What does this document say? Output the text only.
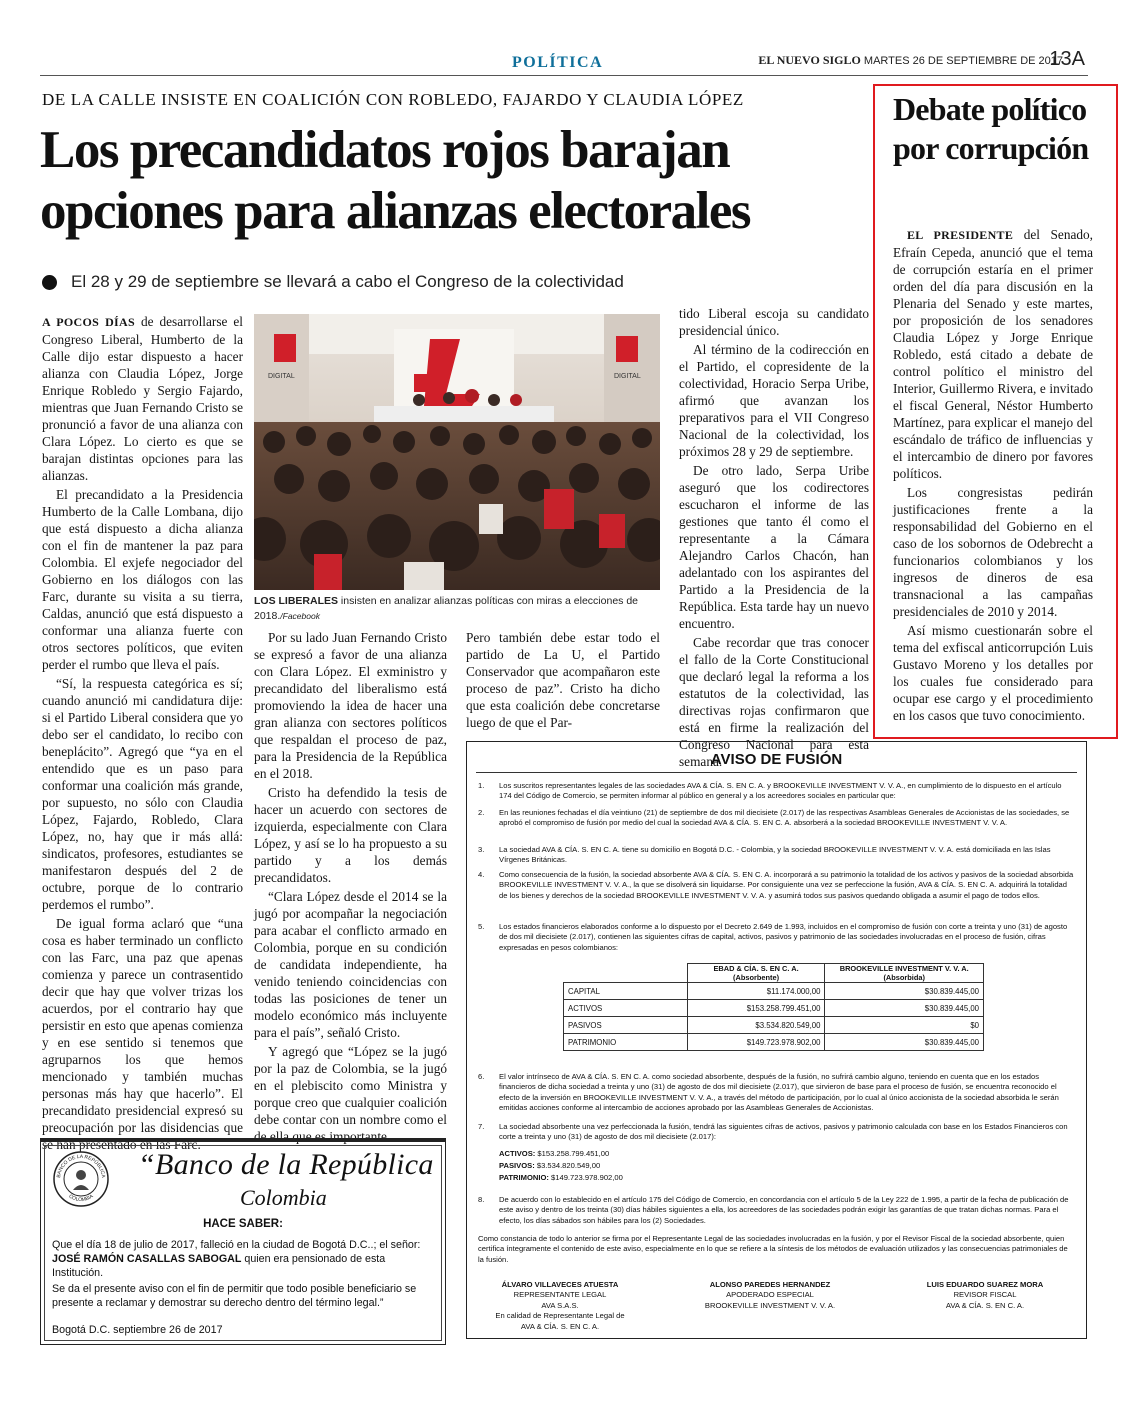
POLÍTICA	EL NUEVO SIGLO MARTES 26 DE SEPTIEMBRE DE 2017
13A
DE LA CALLE INSISTE EN COALICIÓN CON ROBLEDO, FAJARDO Y CLAUDIA LÓPEZ
Los precandidatos rojos barajan
opciones para alianzas electorales
El 28 y 29 de septiembre se llevará a cabo el Congreso de la colectividad

A POCOS DÍAS de desarrollarse el Congreso Liberal, Humberto de la Calle dijo estar dispuesto a hacer alianza con Claudia López, Jorge Enrique Robledo y Sergio Fajardo, mientras que Juan Fernando Cristo se pronunció a favor de una alianza con Clara López. Lo cierto es que se barajan distintas opciones para las alianzas.

El precandidato a la Presidencia Humberto de la Calle Lombana, dijo que está dispuesto a dicha alianza con el fin de mantener la paz para Colombia. El exjefe negociador del Gobierno en los diálogos con las Farc, durante su visita a su tierra, Caldas, anunció que está dispuesto a conformar una alianza fuerte con otros sectores políticos, que eviten perder el rumbo que lleva el país.

“Sí, la respuesta categórica es sí; cuando anunció mi candidatura dije: si el Partido Liberal considera que yo debo ser el candidato, lo recibo con beneplácito”. Agregó que “ya en el entendido que es un paso para conformar una coalición más grande, por supuesto, no sólo con Claudia López, Fajardo, Robledo, Clara López, no, hay que ir más allá: sindicatos, profesores, estudiantes se manifestaron después del 2 de octubre, porque de lo contrario perdemos el rumbo”.

De igual forma aclaró que “una cosa es haber terminado un conflicto con las Farc, una paz que apenas comienza y parece un contrasentido decir que hay que volver trizas los acuerdos, por el contrario hay que persistir en esto que apenas comienza y en ese sentido si tenemos que agruparnos los que hemos mencionado y también muchas personas más hay que hacerlo”. El precandidato presidencial expresó su preocupación por las disidencias que se han presentado en las Farc.

DIGITAL	DIGITAL
LOS LIBERALES insisten en analizar alianzas políticas con miras a elecciones de 2018./Facebook

Por su lado Juan Fernando Cristo se expresó a favor de una alianza con Clara López. El exministro y precandidato del liberalismo está promoviendo la idea de hacer una gran alianza con sectores políticos que respaldan el proceso de paz, para la Presidencia de la República en el 2018.

Cristo ha defendido la tesis de hacer un acuerdo con sectores de izquierda, especialmente con Clara López, y así se lo ha propuesto a su partido y a los demás precandidatos.

“Clara López desde el 2014 se la jugó por acompañar la negociación para acabar el conflicto armado en Colombia, porque en su condición de candidata independiente, ha venido teniendo coincidencias con todas las posiciones de tener un modelo económico más incluyente para el país”, señaló Cristo.

Y agregó que “López se la jugó por la paz de Colombia, se la jugó en el plebiscito como Ministra y porque creo que cualquier coalición debe contar con un nombre como el de ella que es importante.

Pero también debe estar todo el partido de La U, el Partido Conservador que acompañaron este proceso de paz”. Cristo ha dicho que esta coalición debe concretarse luego de que el Par-

tido Liberal escoja su candidato presidencial único.

Al término de la codirección en el Partido, el copresidente de la colectividad, Horacio Serpa Uribe, afirmó que avanzan los preparativos para el VII Congreso Nacional de la colectividad, los próximos 28 y 29 de septiembre.

De otro lado, Serpa Uribe aseguró que los codirectores escucharon el informe de las gestiones que tanto él como el representante a la Cámara Alejandro Carlos Chacón, han adelantado con los aspirantes del Partido a la Presidencia de la República. Esta tarde hay un nuevo encuentro.

Cabe recordar que tras conocer el fallo de la Corte Constitucional que declaró legal la reforma a los estatutos de la colectividad, las directivas rojas confirmaron que está en firme la realización del Congreso Nacional para esta semana.

Debate político por corrupción

EL PRESIDENTE del Senado, Efraín Cepeda, anunció que el tema de corrupción estaría en el primer orden del día para discusión en la Plenaria del Senado y este martes, por proposición de los senadores Claudia López y Jorge Enrique Robledo, está citado a debate de control político el ministro del Interior, Guillermo Rivera, e invitado el fiscal General, Néstor Humberto Martínez, para explicar el manejo del escándalo de tráfico de influencias y el intercambio de dinero por favores políticos.

Los congresistas pedirán justificaciones frente a la responsabilidad del Gobierno en el caso de los sobornos de Odebrecht a funcionarios colombianos y los ingresos de dineros de esa transnacional a las campañas presidenciales de 2010 y 2014.

Así mismo cuestionarán sobre el tema del exfiscal anticorrupción Luis Gustavo Moreno y los detalles por los cuales fue considerado para ocupar ese cargo y el procedimiento en los casos que tuvo conocimiento.

AVISO DE FUSIÓN
1.	Los suscritos representantes legales de las sociedades AVA & CÍA. S. EN C. A. y BROOKEVILLE INVESTMENT V. V. A., en cumplimiento de lo dispuesto en el artículo 174 del Código de Comercio, se permiten informar al público en general y a los acreedores sociales en particular que:
2.	En las reuniones fechadas el día veintiuno (21) de septiembre de dos mil diecisiete (2.017) de las respectivas Asambleas Generales de Accionistas de las sociedades, se aprobó el compromiso de fusión por medio del cual la sociedad AVA & CÍA. S. EN C. A. absorberá a la sociedad BROOKEVILLE INVESTMENT V. V. A.
3.	La sociedad AVA & CÍA. S. EN C. A. tiene su domicilio en Bogotá D.C. - Colombia, y la sociedad BROOKEVILLE INVESTMENT V. V. A. está domiciliada en las Islas Vírgenes Británicas.
4.	Como consecuencia de la fusión, la sociedad absorbente AVA & CÍA. S. EN C. A. incorporará a su patrimonio la totalidad de los activos y pasivos de la sociedad absorbida BROOKEVILLE INVESTMENT V. V. A., la que se disolverá sin liquidarse. Por consiguiente una vez se perfeccione la fusión, AVA & CÍA. S. EN C. A. adquirirá la totalidad de los bienes y derechos de la sociedad BROOKEVILLE INVESTMENT V. V. A. y asumirá todos sus pasivos quedando obligada a asumir el pago de todos ellos.
5.	Los estados financieros elaborados conforme a lo dispuesto por el Decreto 2.649 de 1.993, incluidos en el compromiso de fusión con corte a treinta y uno (31) de agosto de dos mil diecisiete (2.017), contienen las siguientes cifras de capital, activos, pasivos y patrimonio de las sociedades involucradas en el proceso de fusión, cifras expresadas en pesos colombianos:
	EBAD & CÍA. S. EN C. A. (Absorbente)	BROOKEVILLE INVESTMENT V. V. A. (Absorbida)
CAPITAL	$11.174.000,00	$30.839.445,00
ACTIVOS	$153.258.799.451,00	$30.839.445,00
PASIVOS	$3.534.820.549,00	$0
PATRIMONIO	$149.723.978.902,00	$30.839.445,00
6.	El valor intrínseco de AVA & CÍA. S. EN C. A. como sociedad absorbente, después de la fusión, no sufrirá cambio alguno, teniendo en cuenta que en los estados financieros de dicha sociedad a treinta y uno (31) de agosto de dos mil diecisiete (2.017), que sirvieron de base para el proceso de fusión, se encuentra reconocido el efecto de la inversión en BROOKEVILLE INVESTMENT V. V. A., a través del método de participación, por lo cual al único accionista de la sociedad absorbida le serán emitidas acciones conforme al intercambio de acciones aprobado por las Asambleas Generales de Accionistas.
7.	La sociedad absorbente una vez perfeccionada la fusión, tendrá las siguientes cifras de activos, pasivos y patrimonio calculada con base en los Estados Financieros con corte a treinta y uno (31) de agosto de dos mil diecisiete (2.017):
ACTIVOS: $153.258.799.451,00
PASIVOS: $3.534.820.549,00
PATRIMONIO: $149.723.978.902,00
8.	De acuerdo con lo establecido en el artículo 175 del Código de Comercio, en concordancia con el artículo 5 de la Ley 222 de 1.995, a partir de la fecha de publicación de este aviso y dentro de los treinta (30) días hábiles siguientes a ella, los acreedores de las sociedades podrán exigir las garantías de que tratan dichas normas. Para el efecto, los días sábados son hábiles para los (2) Sociedades.
Como constancia de todo lo anterior se firma por el Representante Legal de las sociedades involucradas en la fusión, y por el Revisor Fiscal de la sociedad absorbente, quien certifica íntegramente el contenido de este aviso, especialmente en lo que se refiere a la síntesis de los métodos de evaluación utilizados y las consecuencias patrimoniales de la fusión.
ÁLVARO VILLAVECES ATUESTA
REPRESENTANTE LEGAL
AVA S.A.S.
En calidad de Representante Legal de
AVA & CÍA. S. EN C. A.
ALONSO PAREDES HERNANDEZ
APODERADO ESPECIAL
BROOKEVILLE INVESTMENT V. V. A.
LUIS EDUARDO SUAREZ MORA
REVISOR FISCAL
AVA & CÍA. S. EN C. A.
BANCO DE LA REPÚBLICA
COLOMBIA
“Banco de la República
Colombia
HACE SABER:
Que el día 18 de julio de 2017, falleció en la ciudad de Bogotá D.C..; el señor: JOSÉ RAMÓN CASALLAS SABOGAL quien era pensionado de esta Institución.
Se da el presente aviso con el fin de permitir que todo posible beneficiario se presente a reclamar y demostrar su derecho dentro del término legal.”
Bogotá D.C. septiembre 26 de 2017
